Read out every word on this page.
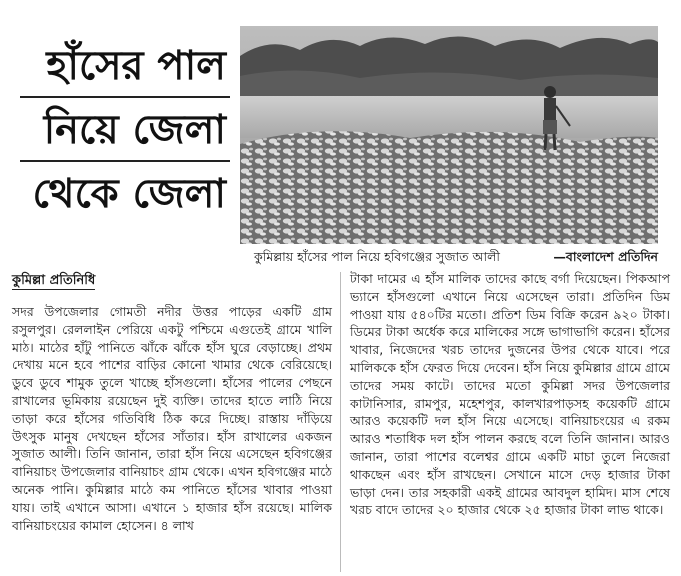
হাঁসের পাল
নিয়ে জেলা
থেকে জেলা
কুমিল্লায় হাঁসের পাল নিয়ে হবিগঞ্জের সুজাত আলী	—বাংলাদেশ প্রতিদিন
কুমিল্লা প্রতিনিধি

সদর উপজেলার গোমতী নদীর উত্তর পাড়ের একটি গ্রাম রসুলপুর। রেললাইন পেরিয়ে একটু পশ্চিমে এগুতেই গ্রামে খালি মাঠ। মাঠের হাঁটু পানিতে ঝাঁকে ঝাঁকে হাঁস ঘুরে বেড়াচ্ছে। প্রথম দেখায় মনে হবে পাশের বাড়ির কোনো খামার থেকে বেরিয়েছে। ডুবে ডুবে শামুক তুলে খাচ্ছে হাঁসগুলো। হাঁসের পালের পেছনে রাখালের ভূমিকায় রয়েছেন দুই ব্যক্তি। তাদের হাতে লাঠি নিয়ে তাড়া করে হাঁসের গতিবিধি ঠিক করে দিচ্ছে। রাস্তায় দাঁড়িয়ে উৎসুক মানুষ দেখছেন হাঁসের সাঁতার। হাঁস রাখালের একজন সুজাত আলী। তিনি জানান, তারা হাঁস নিয়ে এসেছেন হবিগঞ্জের বানিয়াচং উপজেলার বানিয়াচং গ্রাম থেকে। এখন হবিগঞ্জের মাঠে অনেক পানি। কুমিল্লার মাঠে কম পানিতে হাঁসের খাবার পাওয়া যায়। তাই এখানে আসা। এখানে ১ হাজার হাঁস রয়েছে। মালিক বানিয়াচংয়ের কামাল হোসেন। ৪ লাখ

টাকা দামের এ হাঁস মালিক তাদের কাছে বর্গা দিয়েছেন। পিকআপ ভ্যানে হাঁসগুলো এখানে নিয়ে এসেছেন তারা। প্রতিদিন ডিম পাওয়া যায় ৫৪০টির মতো। প্রতিশ ডিম বিক্রি করেন ৯২০ টাকা। ডিমের টাকা অর্ধেক করে মালিকের সঙ্গে ভাগাভাগি করেন। হাঁসের খাবার, নিজেদের খরচ তাদের দুজনের উপর থেকে যাবে। পরে মালিককে হাঁস ফেরত দিয়ে দেবেন। হাঁস নিয়ে কুমিল্লার গ্রামে গ্রামে তাদের সময় কাটে। তাদের মতো কুমিল্লা সদর উপজেলার কাটানিসার, রামপুর, মহেশপুর, কালখারপাড়সহ কয়েকটি গ্রামে আরও কয়েকটি দল হাঁস নিয়ে এসেছে। বানিয়াচংয়ের এ রকম আরও শতাধিক দল হাঁস পালন করছে বলে তিনি জানান। আরও জানান, তারা পাশের বলেশ্বর গ্রামে একটি মাচা তুলে নিজেরা থাকছেন এবং হাঁস রাখছেন। সেখানে মাসে দেড় হাজার টাকা ভাড়া দেন। তার সহকারী একই গ্রামের আবদুল হামিদ। মাস শেষে খরচ বাদে তাদের ২০ হাজার থেকে ২৫ হাজার টাকা লাভ থাকে।
